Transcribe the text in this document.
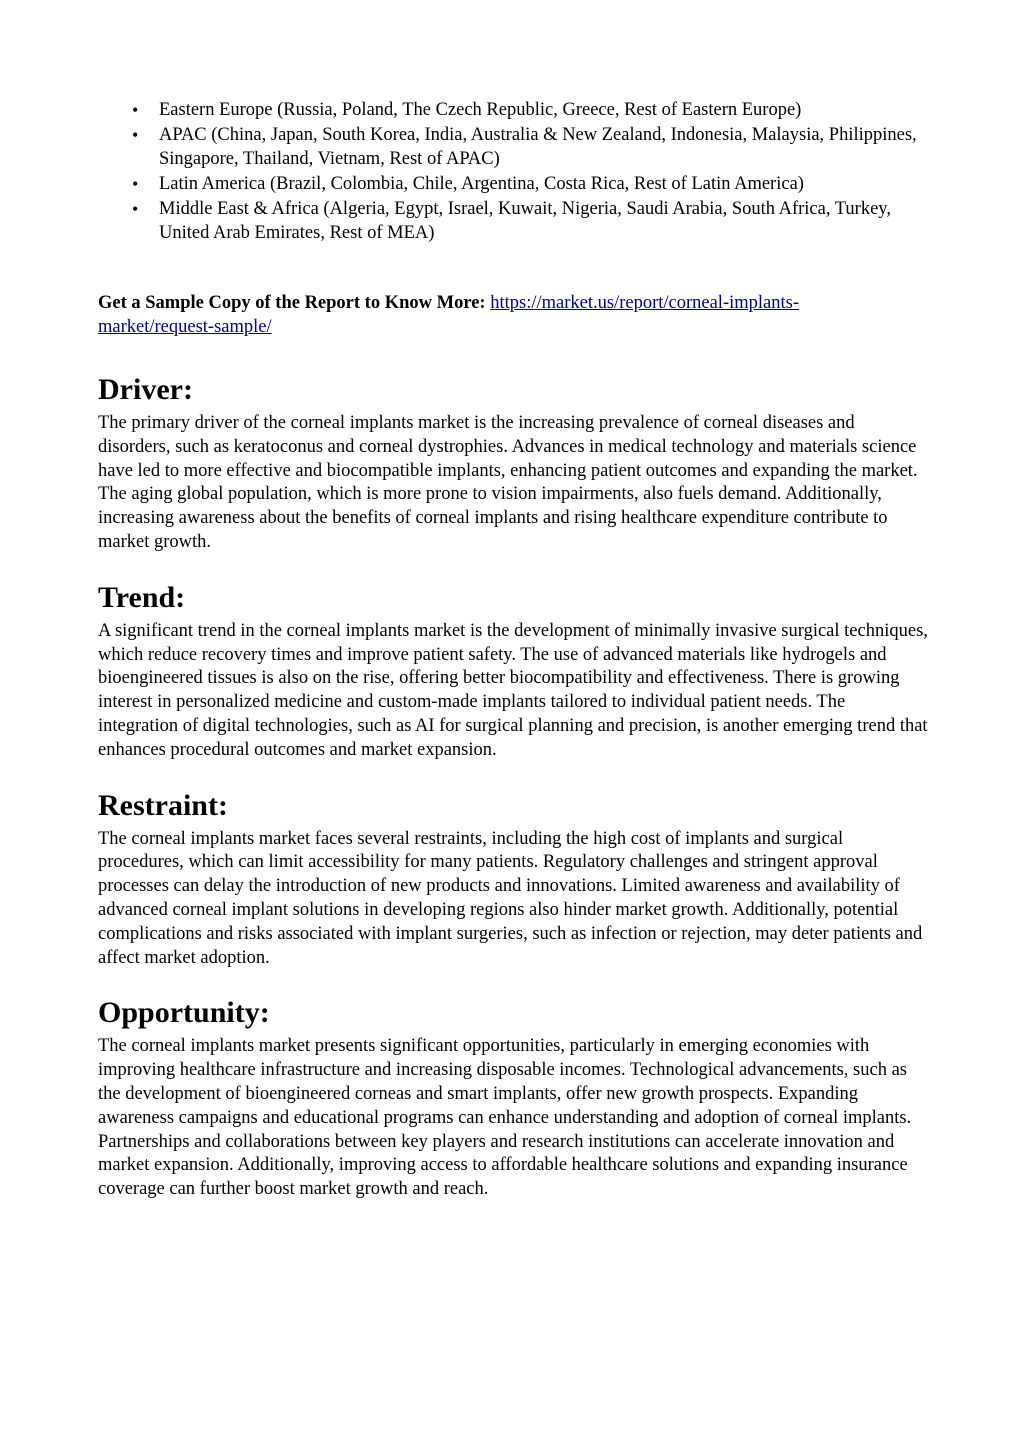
• Eastern Europe (Russia, Poland, The Czech Republic, Greece, Rest of Eastern Europe)
• APAC (China, Japan, South Korea, India, Australia & New Zealand, Indonesia, Malaysia, Philippines, Singapore, Thailand, Vietnam, Rest of APAC)
• Latin America (Brazil, Colombia, Chile, Argentina, Costa Rica, Rest of Latin America)
• Middle East & Africa (Algeria, Egypt, Israel, Kuwait, Nigeria, Saudi Arabia, South Africa, Turkey, United Arab Emirates, Rest of MEA)
Get a Sample Copy of the Report to Know More: https://market.us/report/corneal-implants-
market/request-sample/
Driver:

The primary driver of the corneal implants market is the increasing prevalence of corneal diseases and disorders, such as keratoconus and corneal dystrophies. Advances in medical technology and materials science have led to more effective and biocompatible implants, enhancing patient outcomes and expanding the market. The aging global population, which is more prone to vision impairments, also fuels demand. Additionally, increasing awareness about the benefits of corneal implants and rising healthcare expenditure contribute to market growth.

Trend:

A significant trend in the corneal implants market is the development of minimally invasive surgical techniques, which reduce recovery times and improve patient safety. The use of advanced materials like hydrogels and bioengineered tissues is also on the rise, offering better biocompatibility and effectiveness. There is growing interest in personalized medicine and custom-made implants tailored to individual patient needs. The integration of digital technologies, such as AI for surgical planning and precision, is another emerging trend that enhances procedural outcomes and market expansion.

Restraint:

The corneal implants market faces several restraints, including the high cost of implants and surgical procedures, which can limit accessibility for many patients. Regulatory challenges and stringent approval processes can delay the introduction of new products and innovations. Limited awareness and availability of advanced corneal implant solutions in developing regions also hinder market growth. Additionally, potential complications and risks associated with implant surgeries, such as infection or rejection, may deter patients and affect market adoption.

Opportunity:

The corneal implants market presents significant opportunities, particularly in emerging economies with improving healthcare infrastructure and increasing disposable incomes. Technological advancements, such as the development of bioengineered corneas and smart implants, offer new growth prospects. Expanding awareness campaigns and educational programs can enhance understanding and adoption of corneal implants. Partnerships and collaborations between key players and research institutions can accelerate innovation and market expansion. Additionally, improving access to affordable healthcare solutions and expanding insurance coverage can further boost market growth and reach.
